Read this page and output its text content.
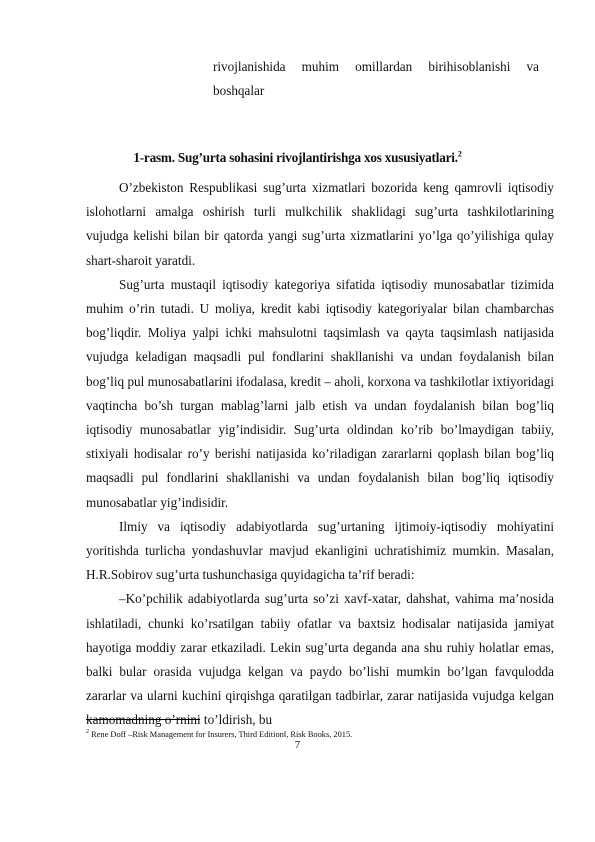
rivojlanishida muhim omillardan birihisoblanishi va
boshqalar
1-rasm. Sug’urta sohasini rivojlantirishga xos xususiyatlari.$^2$

O’zbekiston Respublikasi sug’urta xizmatlari bozorida keng qamrovli iqtisodiy islohotlarni amalga oshirish turli mulkchilik shaklidagi sug’urta tashkilotlarining vujudga kelishi bilan bir qatorda yangi sug’urta xizmatlarini yo’lga qo’yilishiga qulay shart-sharoit yaratdi.

Sug’urta mustaqil iqtisodiy kategoriya sifatida iqtisodiy munosabatlar tizimida muhim o’rin tutadi. U moliya, kredit kabi iqtisodiy kategoriyalar bilan chambarchas bog’liqdir. Moliya yalpi ichki mahsulotni taqsimlash va qayta taqsimlash natijasida vujudga keladigan maqsadli pul fondlarini shakllanishi va undan foydalanish bilan bog’liq pul munosabatlarini ifodalasa, kredit – aholi, korxona va tashkilotlar ixtiyoridagi vaqtincha bo’sh turgan mablag’larni jalb etish va undan foydalanish bilan bog’liq iqtisodiy munosabatlar yig’indisidir. Sug’urta oldindan ko’rib bo’lmaydigan tabiiy, stixiyali hodisalar ro’y berishi natijasida ko’riladigan zararlarni qoplash bilan bog’liq maqsadli pul fondlarini shakllanishi va undan foydalanish bilan bog’liq iqtisodiy munosabatlar yig’indisidir.

Ilmiy va iqtisodiy adabiyotlarda sug’urtaning ijtimoiy-iqtisodiy mohiyatini yoritishda turlicha yondashuvlar mavjud ekanligini uchratishimiz mumkin. Masalan, H.R.Sobirov sug’urta tushunchasiga quyidagicha ta’rif beradi:

–Ko’pchilik adabiyotlarda sug’urta so’zi xavf-xatar, dahshat, vahima ma’nosida ishlatiladi, chunki ko’rsatilgan tabiiy ofatlar va baxtsiz hodisalar natijasida jamiyat hayotiga moddiy zarar etkaziladi. Lekin sug’urta deganda ana shu ruhiy holatlar emas, balki bular orasida vujudga kelgan va paydo bo’lishi mumkin bo’lgan favqulodda zararlar va ularni kuchini qirqishga qaratilgan tadbirlar, zarar natijasida vujudga kelgan kamomadning o’rnini to’ldirish, bu

$^2$ Rene Doff –Risk Management for Insurers, Third Edition‖, Risk Books, 2015.
7
